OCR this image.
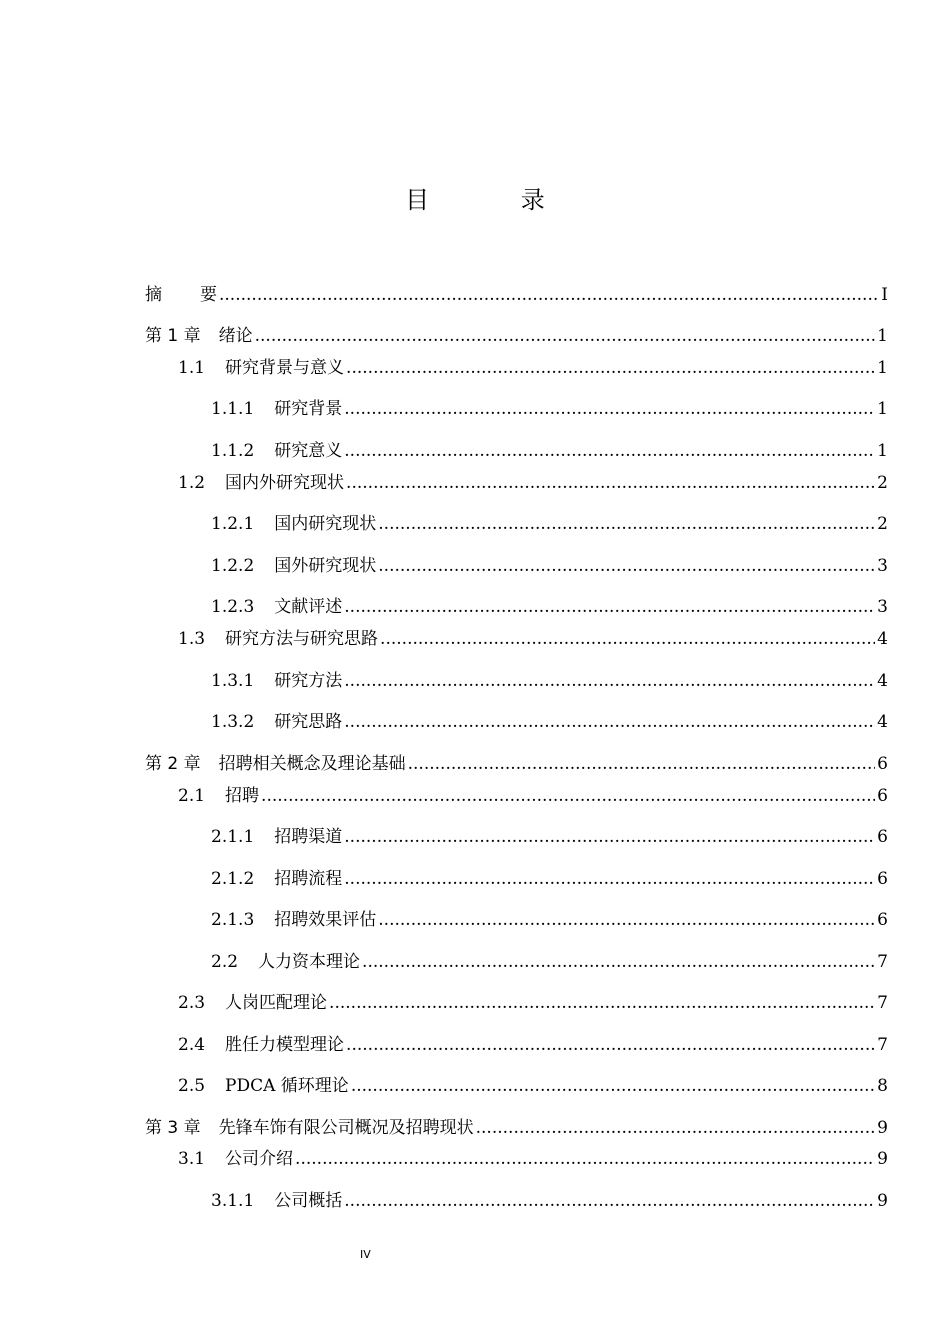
目 录
摘 要 .....	I
第 1 章 绪论 .....	1
1.1 研究背景与意义 .....	1
1.1.1 研究背景 .....	1
1.1.2 研究意义 .....	1
1.2 国内外研究现状 .....	2
1.2.1 国内研究现状 .....	2
1.2.2 国外研究现状 .....	3
1.2.3 文献评述 .....	3
1.3 研究方法与研究思路 .....	4
1.3.1 研究方法 .....	4
1.3.2 研究思路 .....	4
第 2 章 招聘相关概念及理论基础 .....	6
2.1 招聘 .....	6
2.1.1 招聘渠道 .....	6
2.1.2 招聘流程 .....	6
2.1.3 招聘效果评估 .....	6
2.2 人力资本理论 .....	7
2.3 人岗匹配理论 .....	7
2.4 胜任力模型理论 .....	7
2.5 PDCA 循环理论 .....	8
第 3 章 先锋车饰有限公司概况及招聘现状 .....	9
3.1 公司介绍 .....	9
3.1.1 公司概括 .....	9
IV
